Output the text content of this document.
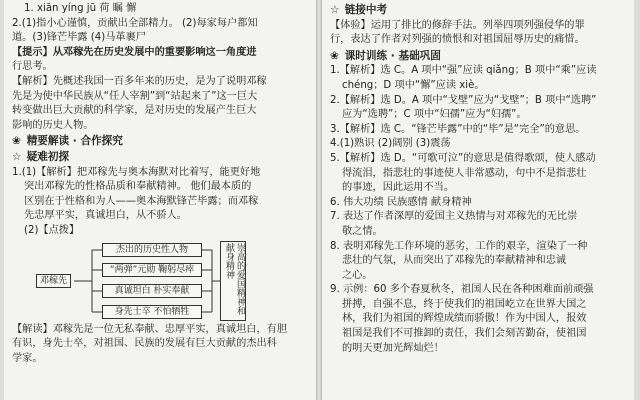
1. xiān yíng jū 荷 瞩 懈
2.(1)指小心谨慎，贡献出全部精力。 (2)每家每户都知
道。(3)锋芒毕露 (4)马革裹尸
【提示】从邓稼先在历史发展中的重要影响这一角度进
行思考。
【解析】先概述我国一百多年来的历史，是为了说明邓稼
先是为使中华民族从“任人宰割”到“站起来了”这一巨大
转变做出巨大贡献的科学家，是对历史的发展产生巨大
影响的历史人物。
❀ 精要解读 · 合作探究
☆ 疑难初探
1.(1)【解析】把邓稼先与奥本海默对比着写，能更好地
突出邓稼先的性格品质和奉献精神。 他们最本质的
区别在于性格和为人——奥本海默锋芒毕露；而邓稼
先忠厚平实，真诚坦白，从不骄人。
(2)【点拨】
邓稼先
杰出的历史性人物
“两弹”元勋 鞠躬尽瘁
真诚坦白 朴实奉献
身先士卒 不怕牺牲	崇高的爱国精神和献身精神
【解读】邓稼先是一位无私奉献、忠厚平实，真诚坦白，有胆
有识，身先士卒，对祖国、民族的发展有巨大贡献的杰出科
学家。
☆ 链接中考
【体验】运用了排比的修辞手法。列举四项列强侵华的罪
行，表达了作者对列强的愤恨和对祖国屈辱历史的痛惜。
❀ 课时训练 · 基础巩固
1.【解析】选 C。A 项中“强”应读 qiǎng；B 项中“乘”应读
chéng；D 项中“懈”应读 xiè。
2.【解析】选 D。A 项中“戈壁”应为“戈壁”；B 项中“选聘”
应为“选聘”；C 项中“妇孺”应为“妇孺”。
3.【解析】选 C。“锋芒毕露”中的“毕”是“完全”的意思。
4.(1)熟识 (2)阔别 (3)震荡
5.【解析】选 D。“可歌可泣”的意思是值得歌颂，使人感动
得流泪，指悲壮的事迹使人非常感动，句中不是指悲壮
的事迹，因此运用不当。
6. 伟大功绩 民族感情 献身精神
7. 表达了作者深厚的爱国主义热情与对邓稼先的无比崇
敬之情。
8. 表明邓稼先工作环境的恶劣，工作的艰辛，渲染了一种
悲壮的气氛，从而突出了邓稼先的奉献精神和忠诚
之心。
9. 示例：60 多个春夏秋冬，祖国人民在各种困难面前顽强
拼搏，自强不息，终于使我们的祖国屹立在世界大国之
林，我们为祖国的辉煌成绩而骄傲！作为中国人，报效
祖国是我们不可推卸的责任，我们会刻苦勤奋，使祖国
的明天更加光辉灿烂！
